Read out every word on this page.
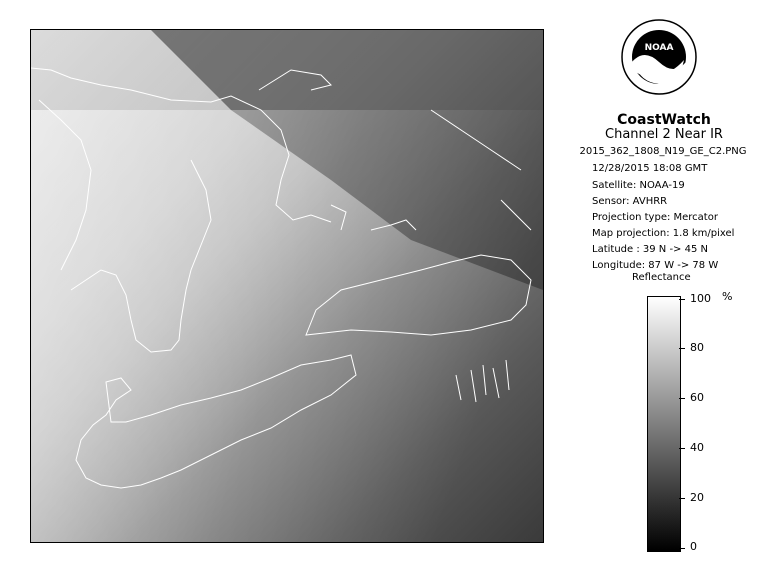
NOAA
CoastWatch
Channel 2 Near IR
2015_362_1808_N19_GE_C2.PNG
12/28/2015 18:08 GMT
Satellite: NOAA-19
Sensor: AVHRR
Projection type: Mercator
Map projection: 1.8 km/pixel
Latitude : 39 N -> 45 N
Longitude: 87 W -> 78 W
Reflectance
%
100
80
60
40
20
0
